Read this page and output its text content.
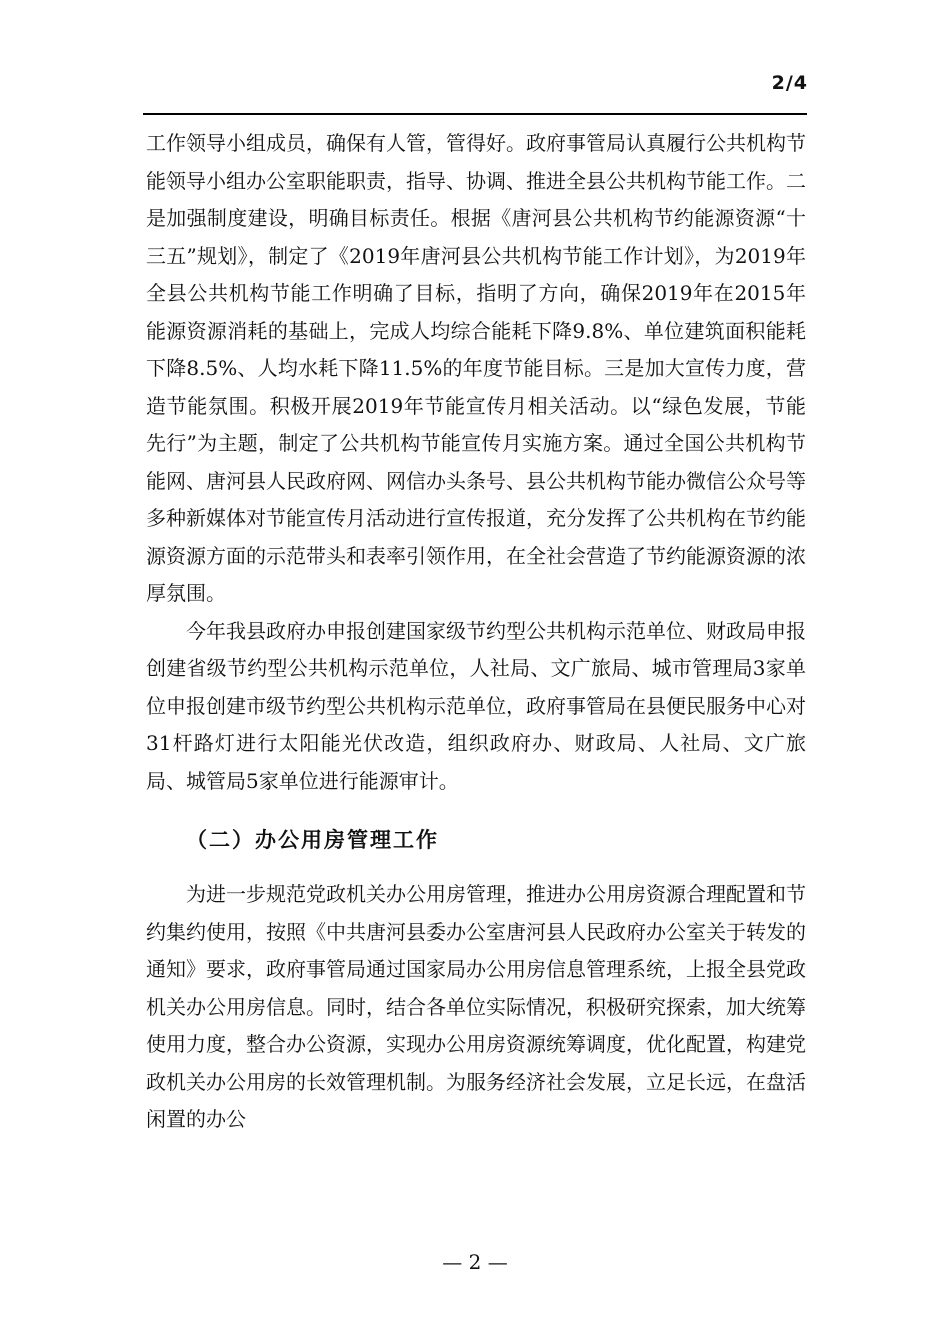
2/4

工作领导小组成员，确保有人管，管得好。政府事管局认真履行公共机构节能领导小组办公室职能职责，指导、协调、推进全县公共机构节能工作。二是加强制度建设，明确目标责任。根据《唐河县公共机构节约能源资源“十三五”规划》，制定了《2019年唐河县公共机构节能工作计划》，为2019年全县公共机构节能工作明确了目标，指明了方向，确保2019年在2015年能源资源消耗的基础上，完成人均综合能耗下降9.8%、单位建筑面积能耗下降8.5%、人均水耗下降11.5%的年度节能目标。三是加大宣传力度，营造节能氛围。积极开展2019年节能宣传月相关活动。以“绿色发展，节能先行”为主题，制定了公共机构节能宣传月实施方案。通过全国公共机构节能网、唐河县人民政府网、网信办头条号、县公共机构节能办微信公众号等多种新媒体对节能宣传月活动进行宣传报道，充分发挥了公共机构在节约能源资源方面的示范带头和表率引领作用，在全社会营造了节约能源资源的浓厚氛围。

今年我县政府办申报创建国家级节约型公共机构示范单位、财政局申报创建省级节约型公共机构示范单位，人社局、文广旅局、城市管理局3家单位申报创建市级节约型公共机构示范单位，政府事管局在县便民服务中心对31杆路灯进行太阳能光伏改造，组织政府办、财政局、人社局、文广旅局、城管局5家单位进行能源审计。

（二）办公用房管理工作

为进一步规范党政机关办公用房管理，推进办公用房资源合理配置和节约集约使用，按照《中共唐河县委办公室唐河县人民政府办公室关于转发的通知》要求，政府事管局通过国家局办公用房信息管理系统，上报全县党政机关办公用房信息。同时，结合各单位实际情况，积极研究探索，加大统筹使用力度，整合办公资源，实现办公用房资源统筹调度，优化配置，构建党政机关办公用房的长效管理机制。为服务经济社会发展，立足长远，在盘活闲置的办公

— 2 —
